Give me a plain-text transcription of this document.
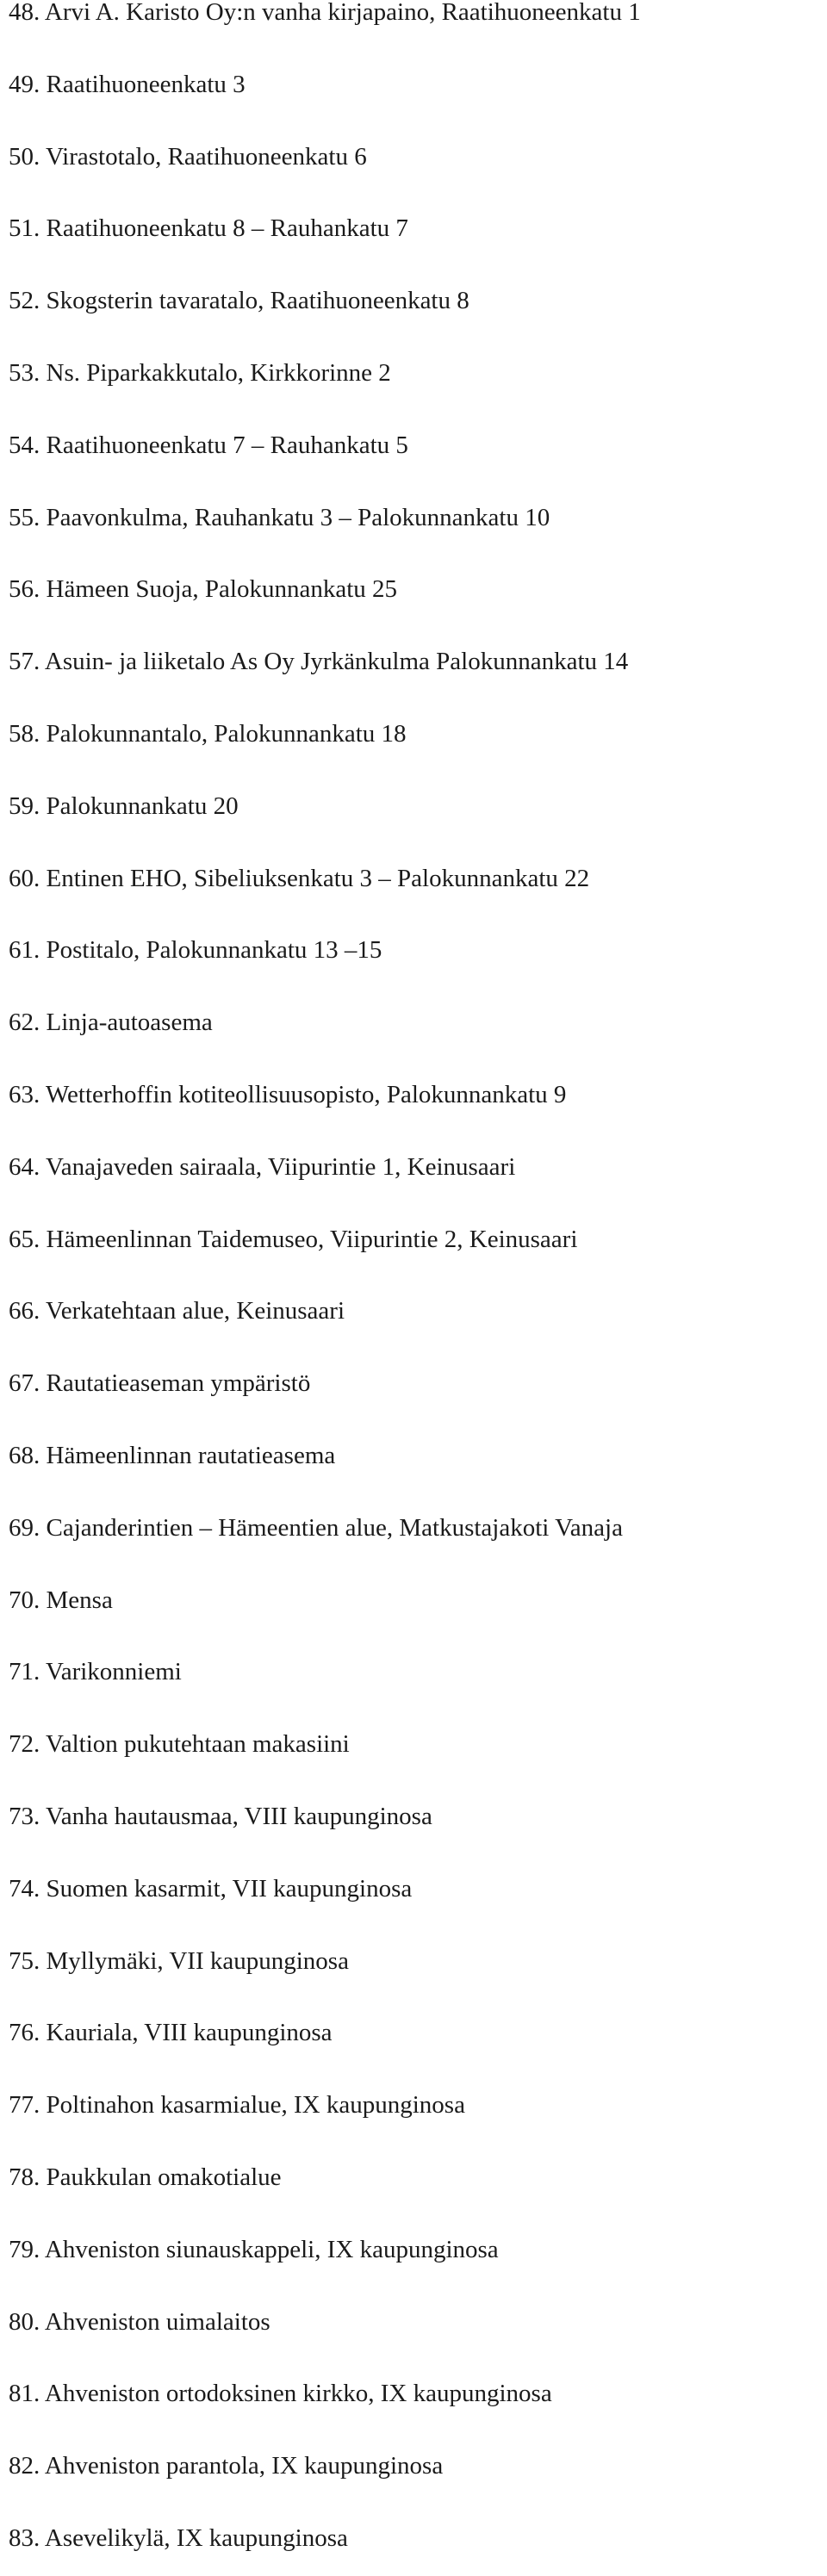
48. Arvi A. Karisto Oy:n vanha kirjapaino, Raatihuoneenkatu 1
49. Raatihuoneenkatu 3
50. Virastotalo, Raatihuoneenkatu 6
51. Raatihuoneenkatu 8 – Rauhankatu 7
52. Skogsterin tavaratalo, Raatihuoneenkatu 8
53. Ns. Piparkakkutalo, Kirkkorinne 2
54. Raatihuoneenkatu 7 – Rauhankatu 5
55. Paavonkulma, Rauhankatu 3 – Palokunnankatu 10
56. Hämeen Suoja, Palokunnankatu 25
57. Asuin- ja liiketalo As Oy Jyrkänkulma Palokunnankatu 14
58. Palokunnantalo, Palokunnankatu 18
59. Palokunnankatu 20
60. Entinen EHO, Sibeliuksenkatu 3 – Palokunnankatu 22
61. Postitalo, Palokunnankatu 13 –15
62. Linja-autoasema
63. Wetterhoffin kotiteollisuusopisto, Palokunnankatu 9
64. Vanajaveden sairaala, Viipurintie 1, Keinusaari
65. Hämeenlinnan Taidemuseo, Viipurintie 2, Keinusaari
66. Verkatehtaan alue, Keinusaari
67. Rautatieaseman ympäristö
68. Hämeenlinnan rautatieasema
69. Cajanderintien – Hämeentien alue, Matkustajakoti Vanaja
70. Mensa
71. Varikonniemi
72. Valtion pukutehtaan makasiini
73. Vanha hautausmaa, VIII kaupunginosa
74. Suomen kasarmit, VII kaupunginosa
75. Myllymäki, VII kaupunginosa
76. Kauriala, VIII kaupunginosa
77. Poltinahon kasarmialue, IX kaupunginosa
78. Paukkulan omakotialue
79. Ahveniston siunauskappeli, IX kaupunginosa
80. Ahveniston uimalaitos
81. Ahveniston ortodoksinen kirkko, IX kaupunginosa
82. Ahveniston parantola, IX kaupunginosa
83. Asevelikylä, IX kaupunginosa
